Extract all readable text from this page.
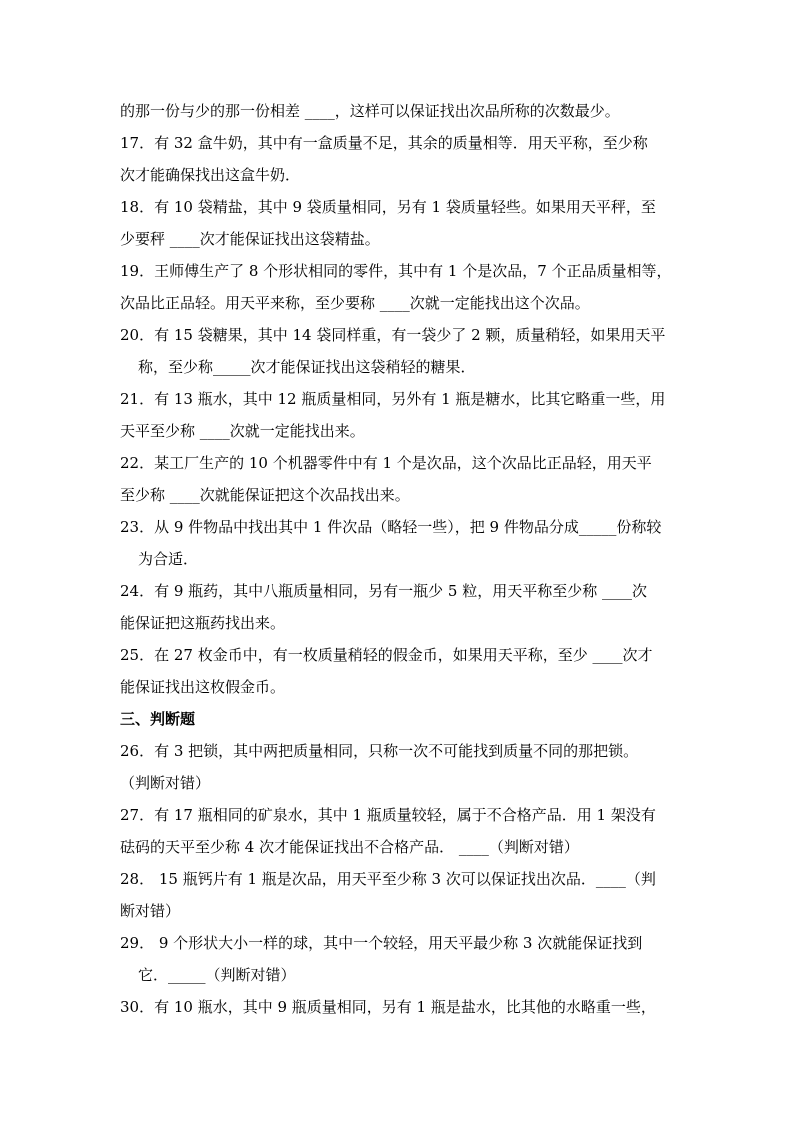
的那一份与少的那一份相差 ____，这样可以保证找出次品所称的次数最少。
17．有 32 盒牛奶，其中有一盒质量不足，其余的质量相等．用天平称，至少称
次才能确保找出这盒牛奶．
18．有 10 袋精盐，其中 9 袋质量相同，另有 1 袋质量轻些。如果用天平秤，至
少要秤 ____次才能保证找出这袋精盐。
19．王师傅生产了 8 个形状相同的零件，其中有 1 个是次品，7 个正品质量相等，
次品比正品轻。用天平来称，至少要称 ____次就一定能找出这个次品。
20．有 15 袋糖果，其中 14 袋同样重，有一袋少了 2 颗，质量稍轻，如果用天平
称，至少称_____次才能保证找出这袋稍轻的糖果．
21．有 13 瓶水，其中 12 瓶质量相同，另外有 1 瓶是糖水，比其它略重一些，用
天平至少称 ____次就一定能找出来。
22．某工厂生产的 10 个机器零件中有 1 个是次品，这个次品比正品轻，用天平
至少称 ____次就能保证把这个次品找出来。
23．从 9 件物品中找出其中 1 件次品（略轻一些），把 9 件物品分成_____份称较
为合适．
24．有 9 瓶药，其中八瓶质量相同，另有一瓶少 5 粒，用天平称至少称 ____次
能保证把这瓶药找出来。
25．在 27 枚金币中，有一枚质量稍轻的假金币，如果用天平称，至少 ____次才
能保证找出这枚假金币。
三、判断题
26．有 3 把锁，其中两把质量相同，只称一次不可能找到质量不同的那把锁。
（判断对错）
27．有 17 瓶相同的矿泉水，其中 1 瓶质量较轻，属于不合格产品．用 1 架没有
砝码的天平至少称 4 次才能保证找出不合格产品． ____（判断对错）
28． 15 瓶钙片有 1 瓶是次品，用天平至少称 3 次可以保证找出次品．____（判
断对错）
29． 9 个形状大小一样的球，其中一个较轻，用天平最少称 3 次就能保证找到
它．_____（判断对错）
30．有 10 瓶水，其中 9 瓶质量相同，另有 1 瓶是盐水，比其他的水略重一些，
